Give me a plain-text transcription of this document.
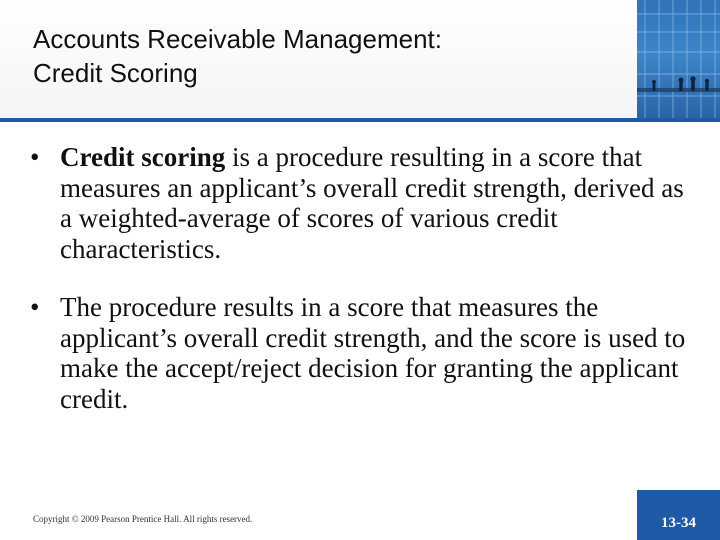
Accounts Receivable Management:
Credit Scoring

• Credit scoring is a procedure resulting in a score that measures an applicant’s overall credit strength, derived as a weighted-average of scores of various credit characteristics.

• The procedure results in a score that measures the applicant’s overall credit strength, and the score is used to make the accept/reject decision for granting the applicant credit.

Copyright © 2009 Pearson Prentice Hall. All rights reserved.	13-34
